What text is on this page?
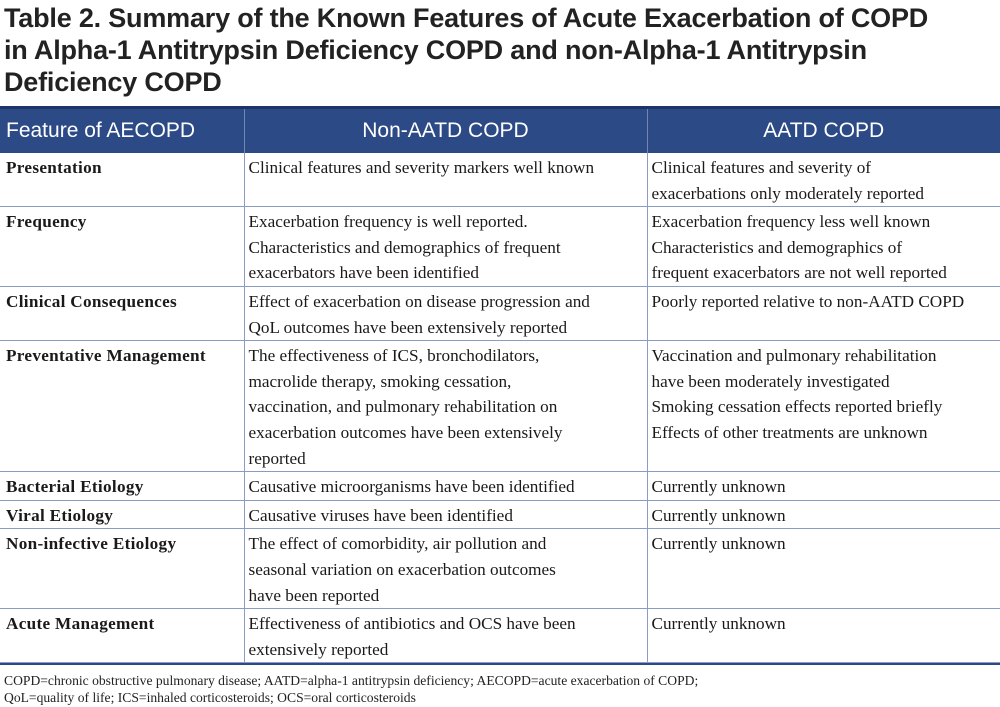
Table 2. Summary of the Known Features of Acute Exacerbation of COPD
in Alpha-1 Antitrypsin Deficiency COPD and non-Alpha-1 Antitrypsin
Deficiency COPD
Feature of AECOPD	Non-AATD COPD	AATD COPD
Presentation	Clinical features and severity markers well known	Clinical features and severity of
exacerbations only moderately reported

Frequency	Exacerbation frequency is well reported.
Characteristics and demographics of frequent
exacerbators have been identified	Exacerbation frequency less well known
Characteristics and demographics of
frequent exacerbators are not well reported

Clinical Consequences	Effect of exacerbation on disease progression and
QoL outcomes have been extensively reported	Poorly reported relative to non-AATD COPD

Preventative Management	The effectiveness of ICS, bronchodilators,
macrolide therapy, smoking cessation,
vaccination, and pulmonary rehabilitation on
exacerbation outcomes have been extensively
reported	Vaccination and pulmonary rehabilitation
have been moderately investigated
Smoking cessation effects reported briefly
Effects of other treatments are unknown

Bacterial Etiology	Causative microorganisms have been identified	Currently unknown

Viral Etiology	Causative viruses have been identified	Currently unknown

Non-infective Etiology	The effect of comorbidity, air pollution and
seasonal variation on exacerbation outcomes
have been reported	Currently unknown

Acute Management	Effectiveness of antibiotics and OCS have been
extensively reported	Currently unknown
COPD=chronic obstructive pulmonary disease; AATD=alpha-1 antitrypsin deficiency; AECOPD=acute exacerbation of COPD;
QoL=quality of life; ICS=inhaled corticosteroids; OCS=oral corticosteroids
